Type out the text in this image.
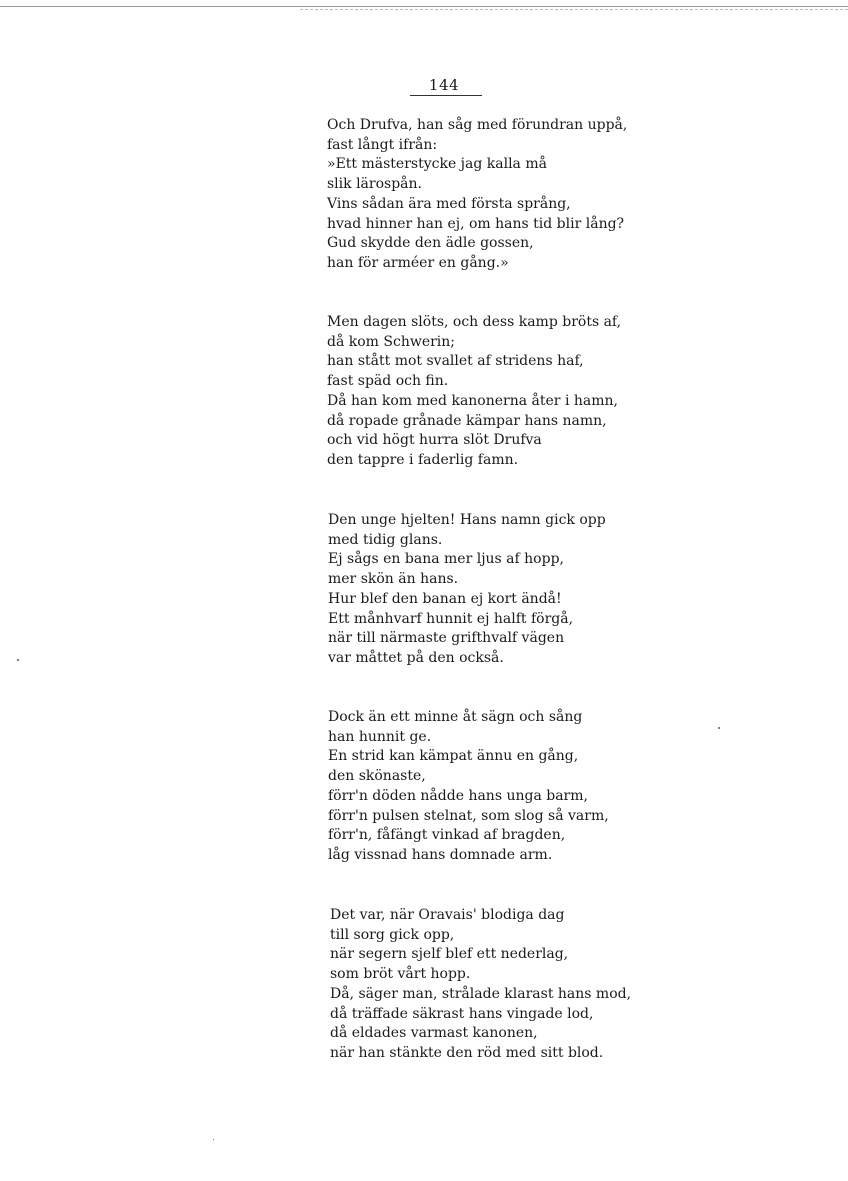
144
Och Drufva, han såg med förundran uppå,
fast långt ifrån:
»Ett mästerstycke jag kalla må
slik lärospån.
Vins sådan ära med första språng,
hvad hinner han ej, om hans tid blir lång?
Gud skydde den ädle gossen,
han för arméer en gång.»
Men dagen slöts, och dess kamp bröts af,
då kom Schwerin;
han stått mot svallet af stridens haf,
fast späd och fin.
Då han kom med kanonerna åter i hamn,
då ropade grånade kämpar hans namn,
och vid högt hurra slöt Drufva
den tappre i faderlig famn.
Den unge hjelten! Hans namn gick opp
med tidig glans.
Ej sågs en bana mer ljus af hopp,
mer skön än hans.
Hur blef den banan ej kort ändå!
Ett månhvarf hunnit ej halft förgå,
när till närmaste grifthvalf vägen
var måttet på den också.
Dock än ett minne åt sägn och sång
han hunnit ge.
En strid kan kämpat ännu en gång,
den skönaste,
förr'n döden nådde hans unga barm,
förr'n pulsen stelnat, som slog så varm,
förr'n, fåfängt vinkad af bragden,
låg vissnad hans domnade arm.
Det var, när Oravais' blodiga dag
till sorg gick opp,
när segern sjelf blef ett nederlag,
som bröt vårt hopp.
Då, säger man, strålade klarast hans mod,
då träffade säkrast hans vingade lod,
då eldades varmast kanonen,
när han stänkte den röd med sitt blod.
